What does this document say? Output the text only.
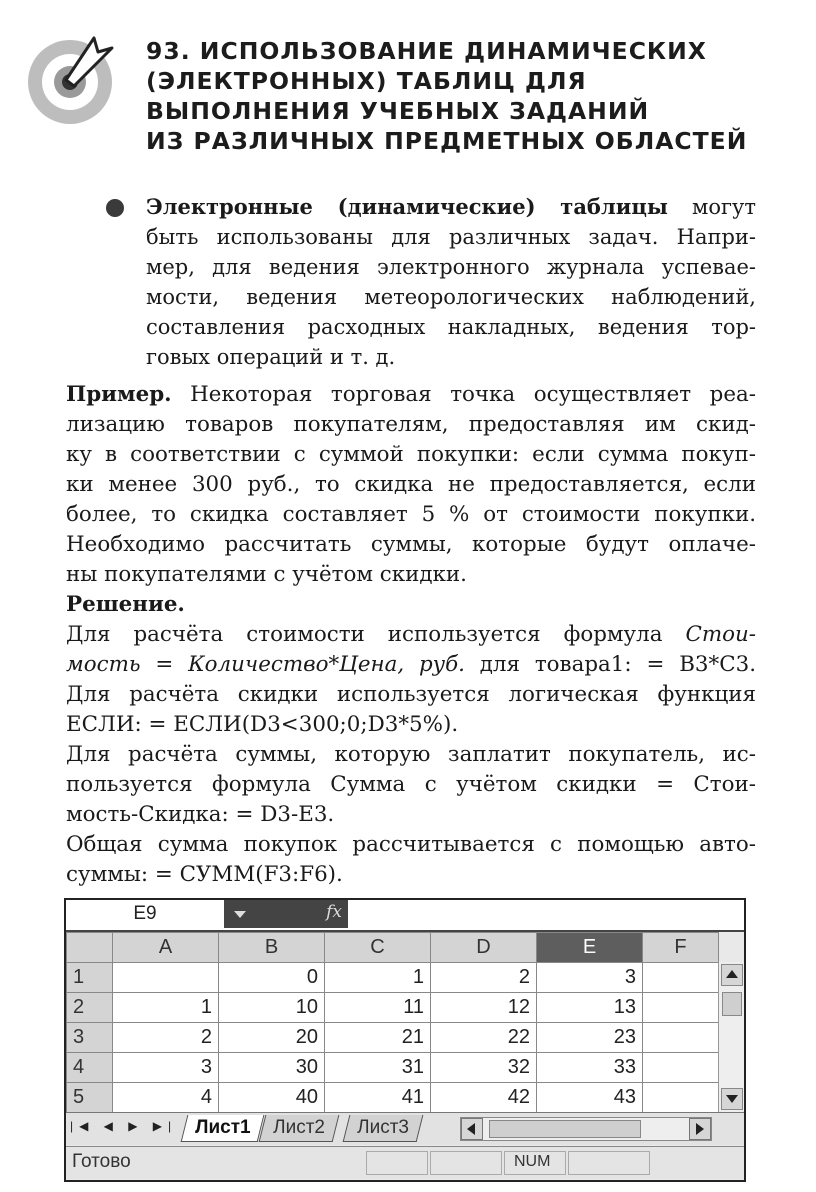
93. ИСПОЛЬЗОВАНИЕ ДИНАМИЧЕСКИХ
(ЭЛЕКТРОННЫХ) ТАБЛИЦ ДЛЯ
ВЫПОЛНЕНИЯ УЧЕБНЫХ ЗАДАНИЙ
ИЗ РАЗЛИЧНЫХ ПРЕДМЕТНЫХ ОБЛАСТЕЙ
Электронные (динамические) таблицы могут
быть использованы для различных задач. Напри-
мер, для ведения электронного журнала успевае-
мости, ведения метеорологических наблюдений,
составления расходных накладных, ведения тор-
говых операций и т. д.
Пример. Некоторая торговая точка осуществляет реа-
лизацию товаров покупателям, предоставляя им скид-
ку в соответствии с суммой покупки: если сумма покуп-
ки менее 300 руб., то скидка не предоставляется, если
более, то скидка составляет 5 % от стоимости покупки.
Необходимо рассчитать суммы, которые будут оплаче-
ны покупателями с учётом скидки.
Решение.
Для расчёта стоимости используется формула Стои-
мость = Количество*Цена, руб. для товара1: = B3*C3.
Для расчёта скидки используется логическая функция
ЕСЛИ: = ЕСЛИ(D3<300;0;D3*5%).
Для расчёта суммы, которую заплатит покупатель, ис-
пользуется формула Сумма с учётом скидки = Стои-
мость-Скидка: = D3-E3.
Общая сумма покупок рассчитывается с помощью авто-
суммы: = СУММ(F3:F6).
E9	fx
	A	B	C	D	E	F
1		0	1	2	3	
2	1	10	11	12	13	
3	2	20	21	22	23	
4	3	30	31	32	33	
5	4	40	41	42	43	
|◀ ◀ ▶ ▶| Лист1	Лист2	Лист3
Готово	NUM
